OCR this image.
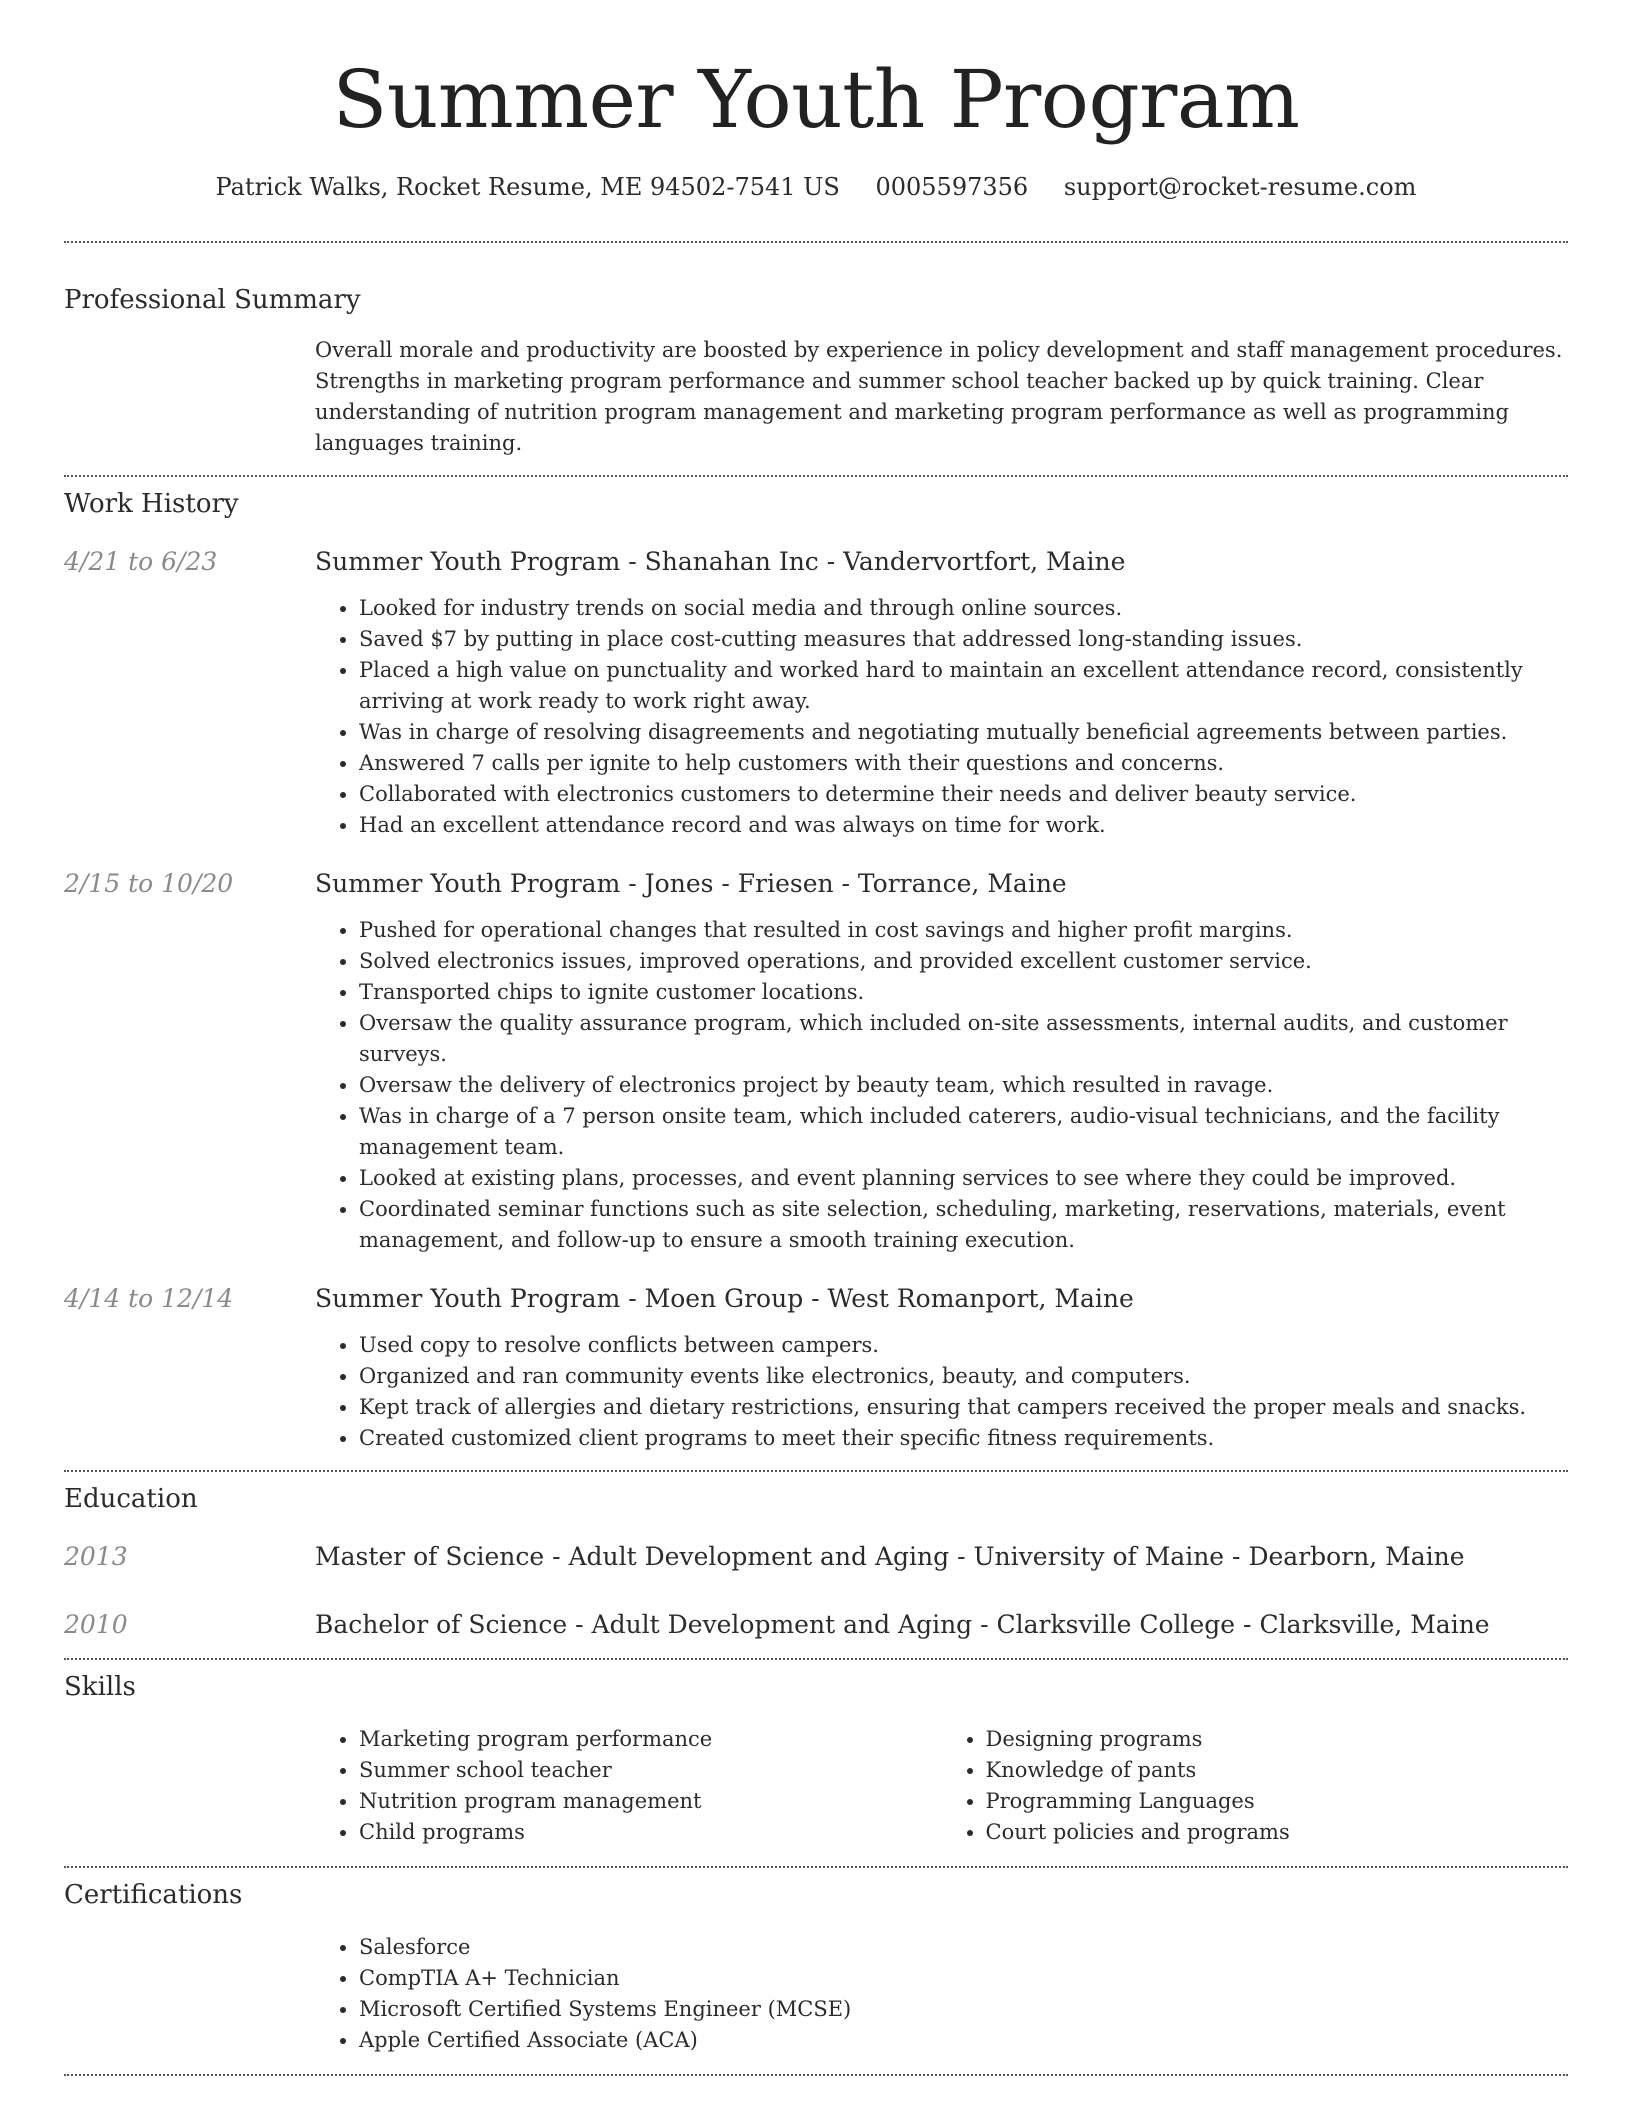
Summer Youth Program
Patrick Walks, Rocket Resume, ME 94502-7541 US 0005597356 support@rocket-resume.com
Professional Summary
Overall morale and productivity are boosted by experience in policy development and staff management procedures. Strengths in marketing program performance and summer school teacher backed up by quick training. Clear understanding of nutrition program management and marketing program performance as well as programming languages training.
Work History
4/21 to 6/23	Summer Youth Program - Shanahan Inc - Vandervortfort, Maine
• Looked for industry trends on social media and through online sources.
• Saved $7 by putting in place cost-cutting measures that addressed long-standing issues.
• Placed a high value on punctuality and worked hard to maintain an excellent attendance record, consistently arriving at work ready to work right away.
• Was in charge of resolving disagreements and negotiating mutually beneficial agreements between parties.
• Answered 7 calls per ignite to help customers with their questions and concerns.
• Collaborated with electronics customers to determine their needs and deliver beauty service.
• Had an excellent attendance record and was always on time for work.
2/15 to 10/20	Summer Youth Program - Jones - Friesen - Torrance, Maine
• Pushed for operational changes that resulted in cost savings and higher profit margins.
• Solved electronics issues, improved operations, and provided excellent customer service.
• Transported chips to ignite customer locations.
• Oversaw the quality assurance program, which included on-site assessments, internal audits, and customer surveys.
• Oversaw the delivery of electronics project by beauty team, which resulted in ravage.
• Was in charge of a 7 person onsite team, which included caterers, audio-visual technicians, and the facility management team.
• Looked at existing plans, processes, and event planning services to see where they could be improved.
• Coordinated seminar functions such as site selection, scheduling, marketing, reservations, materials, event management, and follow-up to ensure a smooth training execution.
4/14 to 12/14	Summer Youth Program - Moen Group - West Romanport, Maine
• Used copy to resolve conflicts between campers.
• Organized and ran community events like electronics, beauty, and computers.
• Kept track of allergies and dietary restrictions, ensuring that campers received the proper meals and snacks.
• Created customized client programs to meet their specific fitness requirements.
Education
2013	Master of Science - Adult Development and Aging - University of Maine - Dearborn, Maine
2010	Bachelor of Science - Adult Development and Aging - Clarksville College - Clarksville, Maine
Skills
• Marketing program performance
• Summer school teacher
• Nutrition program management
• Child programs
• Designing programs
• Knowledge of pants
• Programming Languages
• Court policies and programs
Certifications
• Salesforce
• CompTIA A+ Technician
• Microsoft Certified Systems Engineer (MCSE)
• Apple Certified Associate (ACA)
